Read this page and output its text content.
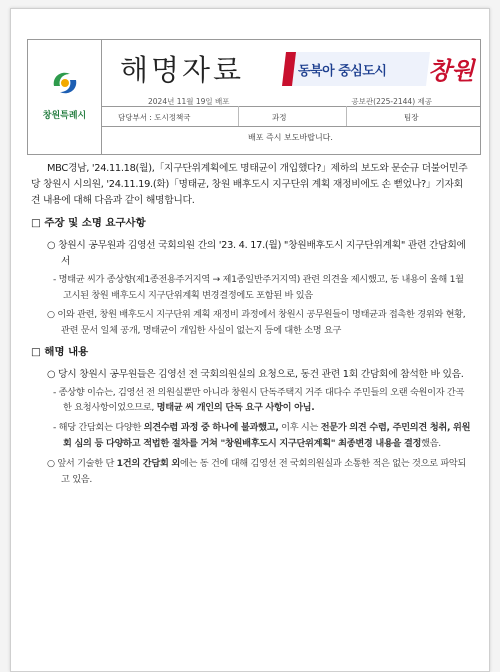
창원특례시
해명자료	동북아 중심도시 창원
2024년 11월 19일 배포	공보관(225-2144) 제공
담당부서 : 도시정책국	과정	팀장
배포 즉시 보도바랍니다.

MBC경남, '24.11.18(월),「지구단위계획에도 명태균이 개입했다?」제하의 보도와 문순규 더불어민주당 창원시 시의원, '24.11.19.(화)「명태균, 창원 배후도시 지구단위 계획 재정비에도 손 뻗었나?」기자회견 내용에 대해 다음과 같이 해명합니다.

□ 주장 및 소명 요구사항

○ 창원시 공무원과 김영선 국회의원 간의 '23. 4. 17.(월) "창원배후도시 지구단위계획" 관련 간담회에서

- 명태균 씨가 종상향(제1종전용주거지역 → 제1종일반주거지역) 관련 의견을 제시했고, 동 내용이 올해 1월 고시된 창원 배후도시 지구단위계획 변경결정에도 포함된 바 있음

○ 이와 관련, 창원 배후도시 지구단위 계획 재정비 과정에서 창원시 공무원들이 명태균과 접촉한 경위와 현황, 관련 문서 일체 공개, 명태균이 개입한 사실이 없는지 등에 대한 소명 요구

□ 해명 내용

○ 당시 창원시 공무원들은 김영선 전 국회의원실의 요청으로, 동건 관련 1회 간담회에 참석한 바 있음.

- 종상향 이슈는, 김영선 전 의원실뿐만 아니라 창원시 단독주택지 거주 대다수 주민들의 오랜 숙원이자 간곡한 요청사항이었으므로, 명태균 씨 개인의 단독 요구 사항이 아님.

- 해당 간담회는 다양한 의견수렴 과정 중 하나에 불과했고, 이후 시는 전문가 의견 수렴, 주민의견 청취, 위원회 심의 등 다양하고 적법한 절차를 거쳐 "창원배후도시 지구단위계획" 최종변경 내용을 결정했음.

○ 앞서 기술한 단 1건의 간담회 외에는 동 건에 대해 김영선 전 국회의원실과 소통한 적은 없는 것으로 파악되고 있음.
